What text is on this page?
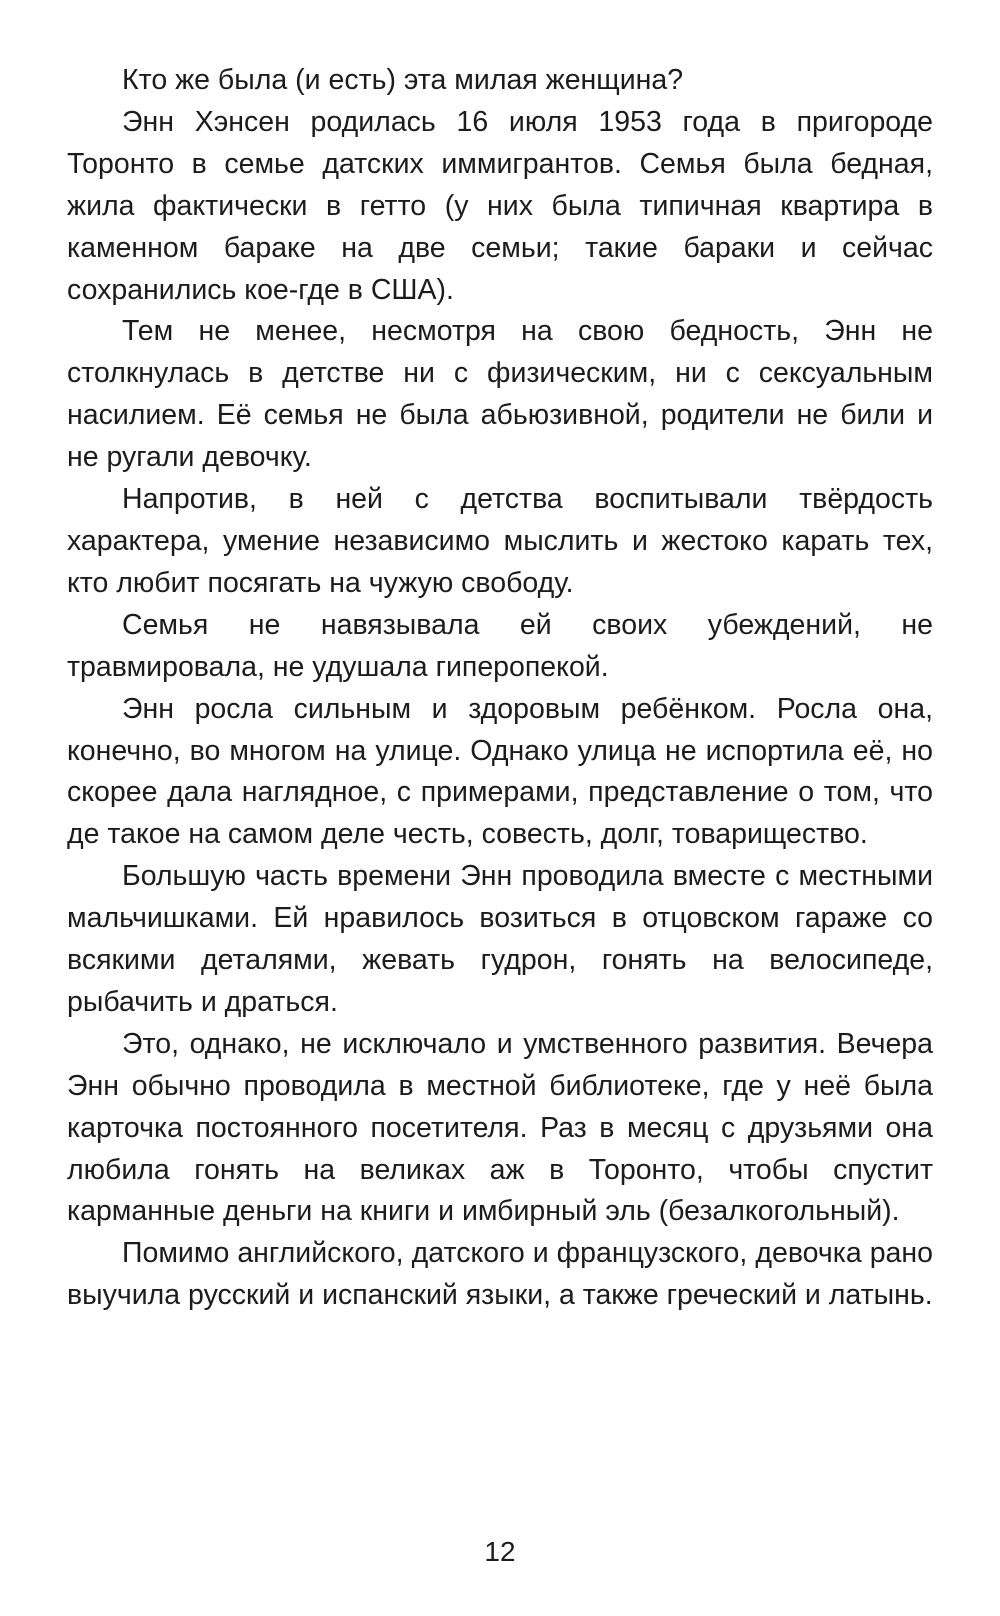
Кто же была (и есть) эта милая женщина?

Энн Хэнсен родилась 16 июля 1953 года в пригороде Торонто в семье датских иммигрантов. Семья была бедная, жила фактически в гетто (у них была типичная квартира в каменном бараке на две семьи; такие бараки и сейчас сохранились кое-где в США).

Тем не менее, несмотря на свою бедность, Энн не столкнулась в детстве ни с физическим, ни с сексуальным насилием. Её семья не была абьюзивной, родители не били и не ругали девочку.

Напротив, в ней с детства воспитывали твёрдость характера, умение независимо мыслить и жестоко карать тех, кто любит посягать на чужую свободу.

Семья не навязывала ей своих убеждений, не травмировала, не удушала гиперопекой.

Энн росла сильным и здоровым ребёнком. Росла она, конечно, во многом на улице. Однако улица не испортила её, но скорее дала наглядное, с примерами, представление о том, что де такое на самом деле честь, совесть, долг, товарищество.

Большую часть времени Энн проводила вместе с местными мальчишками. Ей нравилось возиться в отцовском гараже со всякими деталями, жевать гудрон, гонять на велосипеде, рыбачить и драться.

Это, однако, не исключало и умственного развития. Вечера Энн обычно проводила в местной библиотеке, где у неё была карточка постоянного посетителя. Раз в месяц с друзьями она любила гонять на великах аж в Торонто, чтобы спустит карманные деньги на книги и имбирный эль (безалкогольный).

Помимо английского, датского и французского, девочка рано выучила русский и испанский языки, а также греческий и латынь.

12
